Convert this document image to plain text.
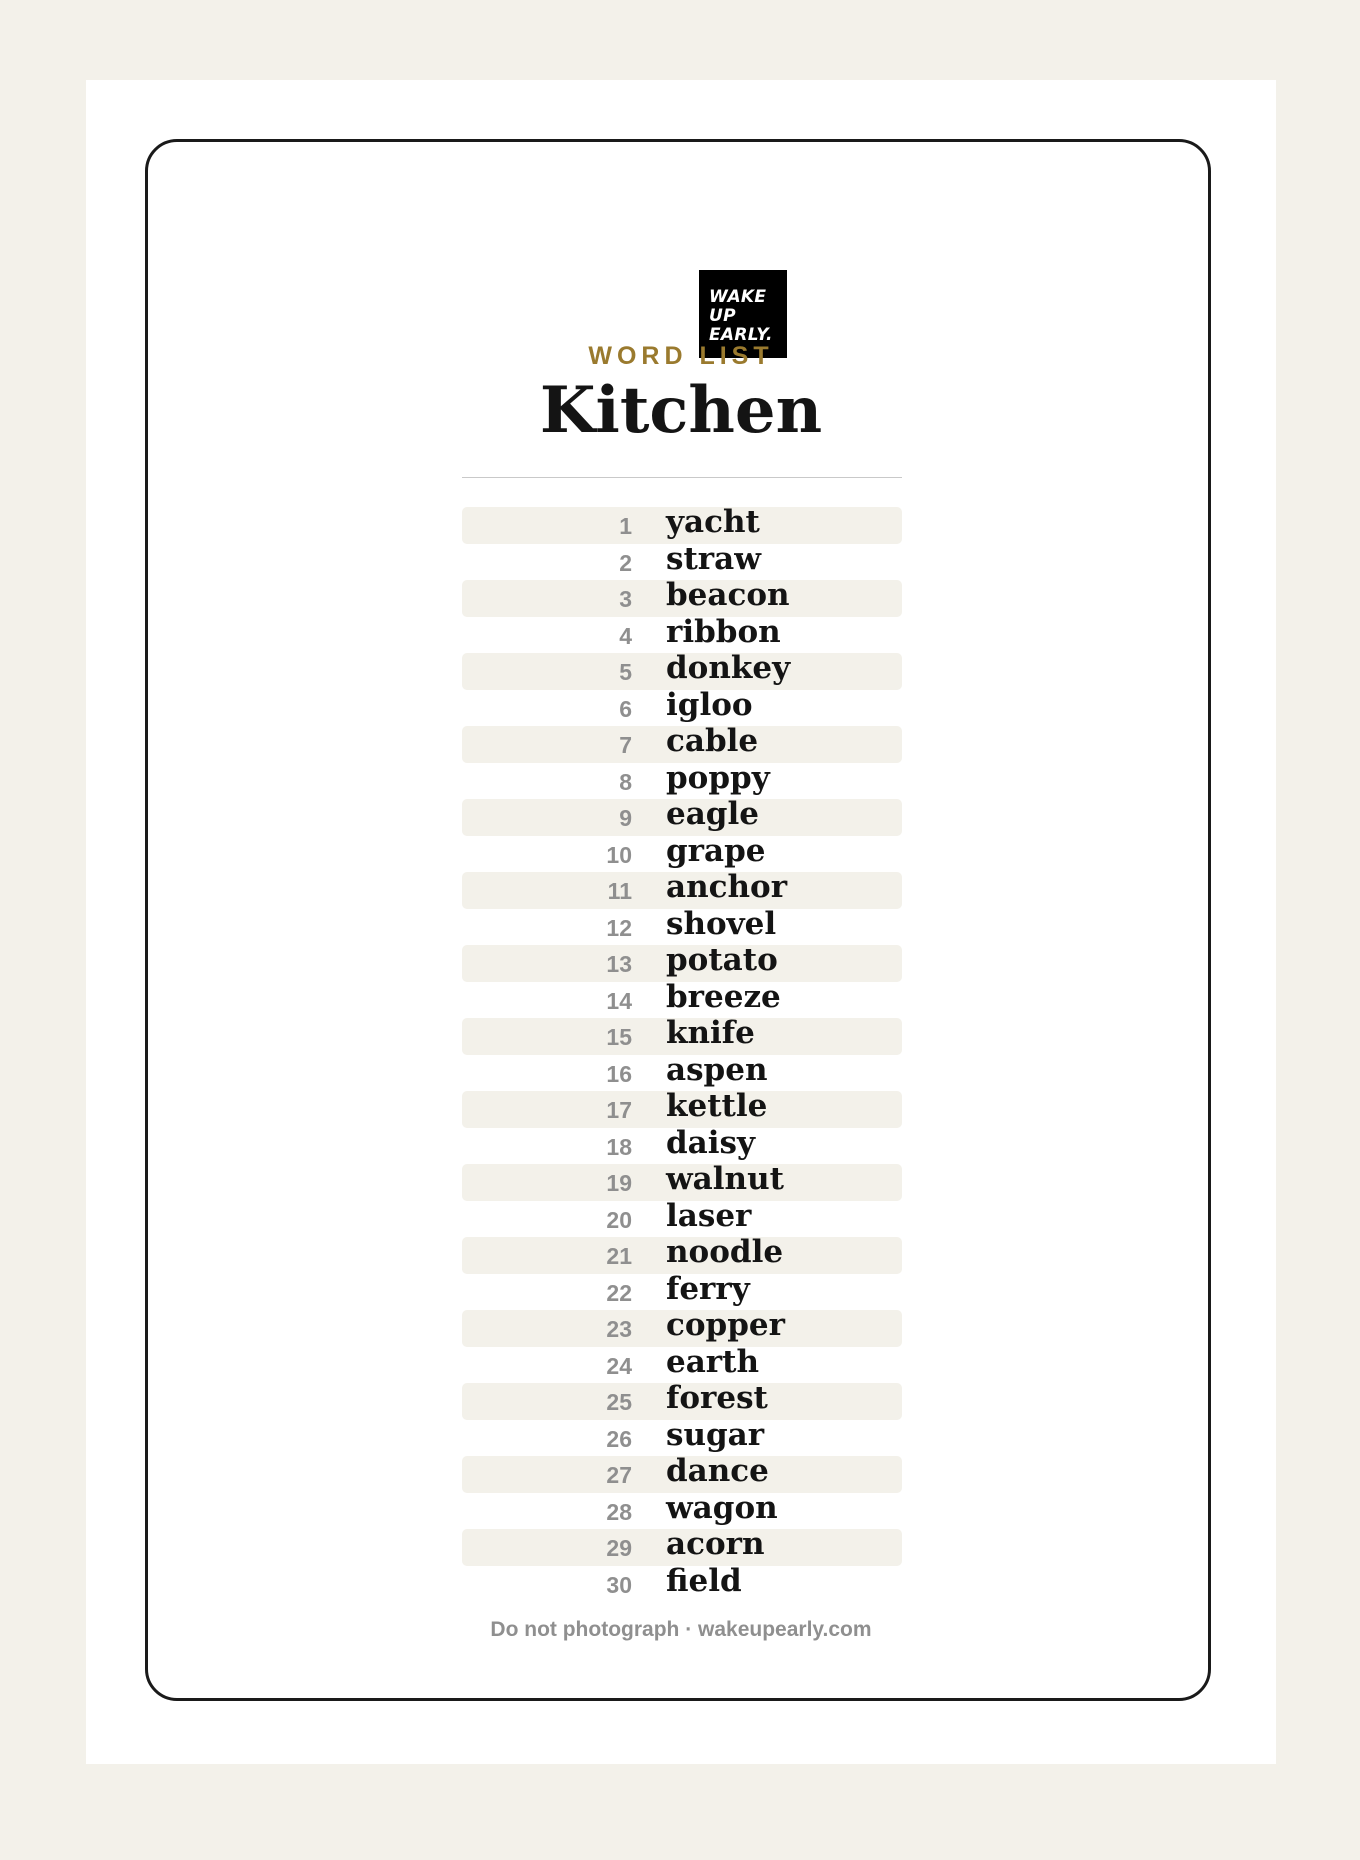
WAKE
UP
EARLY.
WORD LIST
Kitchen
1 yacht
2 straw
3 beacon
4 ribbon
5 donkey
6 igloo
7 cable
8 poppy
9 eagle
10 grape
11 anchor
12 shovel
13 potato
14 breeze
15 knife
16 aspen
17 kettle
18 daisy
19 walnut
20 laser
21 noodle
22 ferry
23 copper
24 earth
25 forest
26 sugar
27 dance
28 wagon
29 acorn
30 field
Do not photograph · wakeupearly.com
